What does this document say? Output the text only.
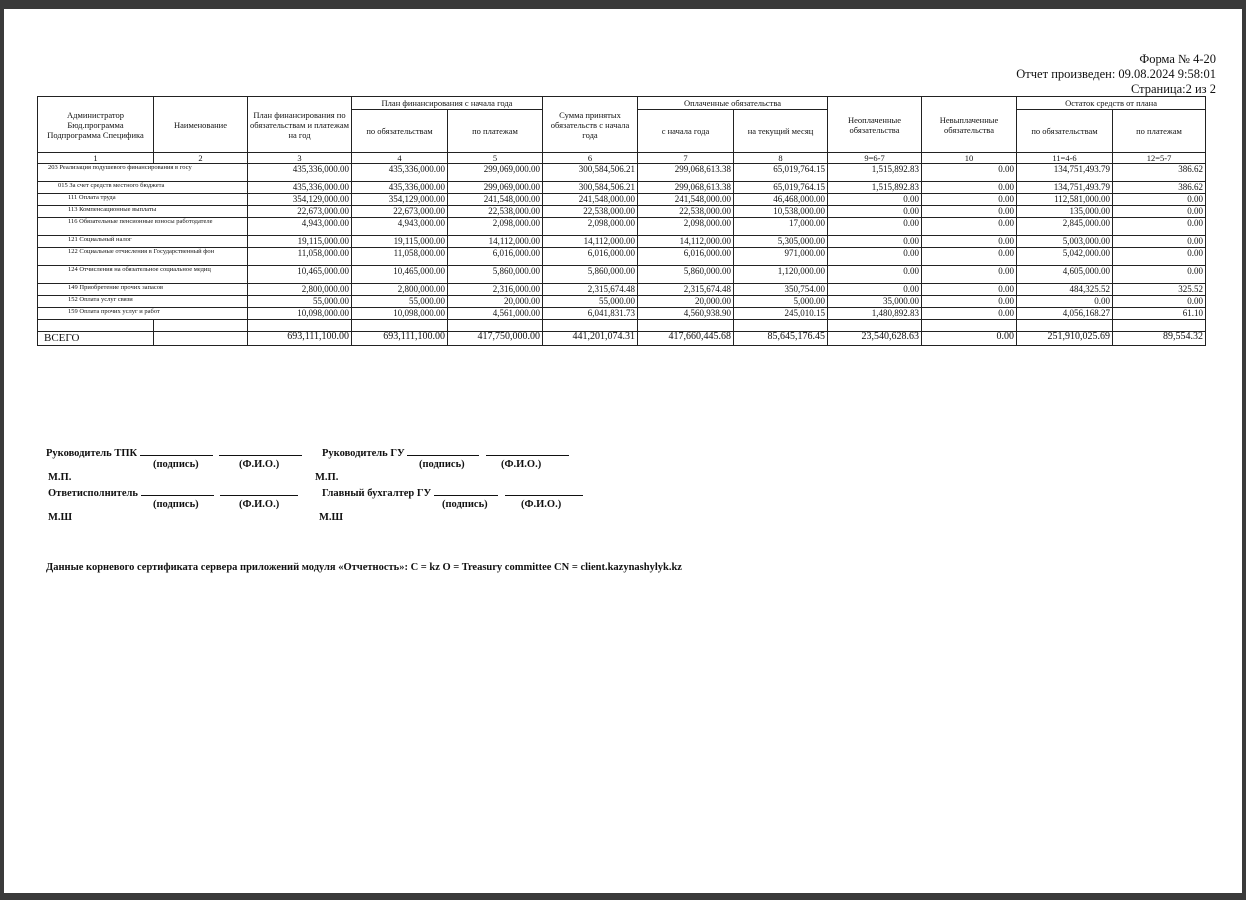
Форма № 4-20
Отчет произведен: 09.08.2024 9:58:01
Страница:2 из 2
Администратор Бюд.программа Подпрограмма Специфика	Наименование	План финансирования по обязательствам и платежам на год	План финансирования с начала года		Сумма принятых обязательств с начала года	Оплаченные обязательства		Неоплаченные обязательства	Невыплаченные обязательства	Остаток средств от плана	
			по обязательствам	по платежам		с начала года	на текущий месяц			по обязательствам	по платежам
1	2	3	4	5	6	7	8	9=6-7	10	11=4-6	12=5-7
203 Реализация подушевого финансирования в госу		435,336,000.00	435,336,000.00	299,069,000.00	300,584,506.21	299,068,613.38	65,019,764.15	1,515,892.83	0.00	134,751,493.79	386.62
015 За счет средств местного бюджета		435,336,000.00	435,336,000.00	299,069,000.00	300,584,506.21	299,068,613.38	65,019,764.15	1,515,892.83	0.00	134,751,493.79	386.62
111 Оплата труда		354,129,000.00	354,129,000.00	241,548,000.00	241,548,000.00	241,548,000.00	46,468,000.00	0.00	0.00	112,581,000.00	0.00
113 Компенсационные выплаты		22,673,000.00	22,673,000.00	22,538,000.00	22,538,000.00	22,538,000.00	10,538,000.00	0.00	0.00	135,000.00	0.00
116 Обязательные пенсионные взносы работодателе		4,943,000.00	4,943,000.00	2,098,000.00	2,098,000.00	2,098,000.00	17,000.00	0.00	0.00	2,845,000.00	0.00
121 Социальный налог		19,115,000.00	19,115,000.00	14,112,000.00	14,112,000.00	14,112,000.00	5,305,000.00	0.00	0.00	5,003,000.00	0.00
122 Социальные отчисления в Государственный фон		11,058,000.00	11,058,000.00	6,016,000.00	6,016,000.00	6,016,000.00	971,000.00	0.00	0.00	5,042,000.00	0.00
124 Отчисления на обязательное социальное медиц		10,465,000.00	10,465,000.00	5,860,000.00	5,860,000.00	5,860,000.00	1,120,000.00	0.00	0.00	4,605,000.00	0.00
149 Приобретение прочих запасов		2,800,000.00	2,800,000.00	2,316,000.00	2,315,674.48	2,315,674.48	350,754.00	0.00	0.00	484,325.52	325.52
152 Оплата услуг связи		55,000.00	55,000.00	20,000.00	55,000.00	20,000.00	5,000.00	35,000.00	0.00	0.00	0.00
159 Оплата прочих услуг и работ		10,098,000.00	10,098,000.00	4,561,000.00	6,041,831.73	4,560,938.90	245,010.15	1,480,892.83	0.00	4,056,168.27	61.10

ВСЕГО		693,111,100.00	693,111,100.00	417,750,000.00	441,201,074.31	417,660,445.68	85,645,176.45	23,540,628.63	0.00	251,910,025.69	89,554.32
Руководитель ТПК	Руководитель ГУ
(подпись)	(Ф.И.О.)	(подпись)	(Ф.И.О.)
М.П.	М.П.
Ответисполнитель	Главный бухгалтер ГУ
(подпись)	(Ф.И.О.)	(подпись)	(Ф.И.О.)
М.Ш	М.Ш
Данные корневого сертификата сервера приложений модуля «Отчетность»: C = kz O = Treasury committee CN = client.kazynashylyk.kz
